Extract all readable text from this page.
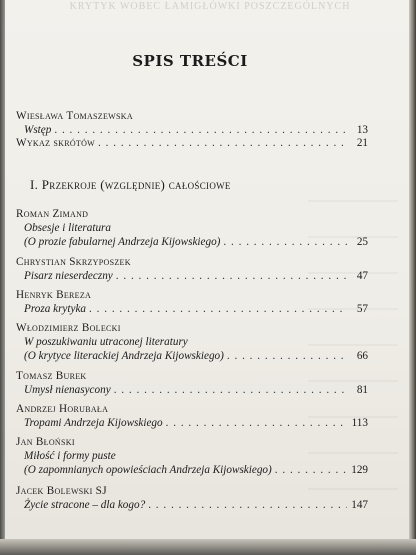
KRYTYK WOBEC ŁAMIGŁÓWKI POSZCZEGÓLNYCH
SPIS TREŚCI
Wiesława Tomaszewska
Wstęp . . .	13
Wykaz skrótów . . .	21
I. Przekroje (względnie) całościowe
Roman Zimand
Obsesje i literatura
(O prozie fabularnej Andrzeja Kijowskiego) . . .	25
Chrystian Skrzyposzek
Pisarz nieserdeczny . . .	47
Henryk Bereza
Proza krytyka . . .	57
Włodzimierz Bolecki
W poszukiwaniu utraconej literatury
(O krytyce literackiej Andrzeja Kijowskiego) . . .	66
Tomasz Burek
Umysł nienasycony . . .	81
Andrzej Horubała
Tropami Andrzeja Kijowskiego . . .	113
Jan Błoński
Miłość i formy puste
(O zapomnianych opowieściach Andrzeja Kijowskiego) . . .	129
Jacek Bolewski SJ
Życie stracone – dla kogo? . . .	147
